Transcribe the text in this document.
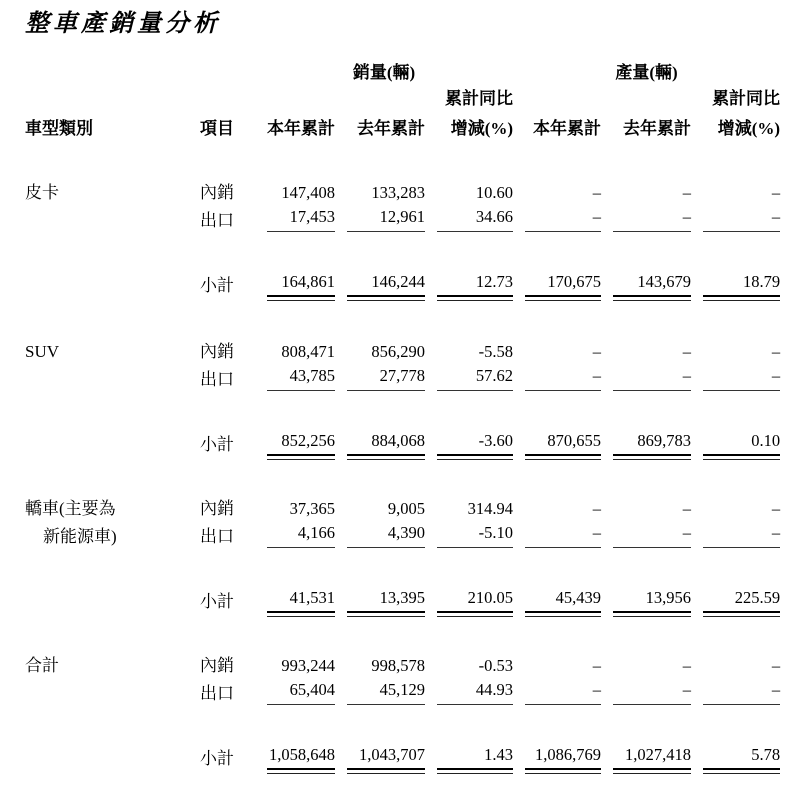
整車產銷量分析
		銷量(輛)			產量(輛)		
				累計同比			累計同比
車型類別	項目	本年累計	去年累計	增減(%)	本年累計	去年累計	增減(%)

皮卡	內銷	147,408	133,283	10.60	–	–	–

	出口	17,453	12,961	34.66	–	–	–

	小計	164,861	146,244	12.73	170,675	143,679	18.79

SUV	內銷	808,471	856,290	-5.58	–	–	–

	出口	43,785	27,778	57.62	–	–	–

	小計	852,256	884,068	-3.60	870,655	869,783	0.10

轎車(主要為	內銷	37,365	9,005	314.94	–	–	–

新能源車)	出口	4,166	4,390	-5.10	–	–	–

	小計	41,531	13,395	210.05	45,439	13,956	225.59

合計	內銷	993,244	998,578	-0.53	–	–	–

	出口	65,404	45,129	44.93	–	–	–

	小計	1,058,648	1,043,707	1.43	1,086,769	1,027,418	5.78
